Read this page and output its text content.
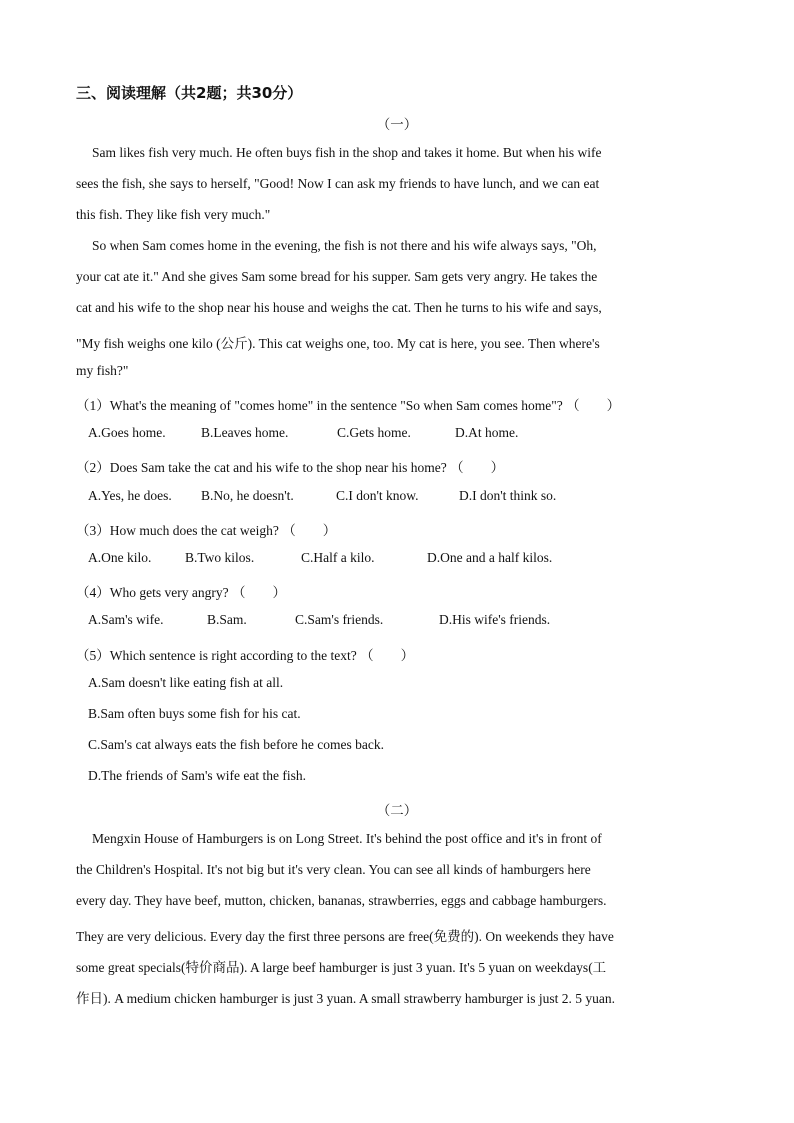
三、阅读理解（共2题；共30分）
（一）
Sam likes fish very much. He often buys fish in the shop and takes it home. But when his wife
sees the fish, she says to herself, "Good! Now I can ask my friends to have lunch, and we can eat
this fish. They like fish very much."
So when Sam comes home in the evening, the fish is not there and his wife always says, "Oh,
your cat ate it." And she gives Sam some bread for his supper. Sam gets very angry. He takes the
cat and his wife to the shop near his house and weighs the cat. Then he turns to his wife and says,
"My fish weighs one kilo (公斤). This cat weighs one, too. My cat is here, you see. Then where's
my fish?"
（1）What's the meaning of "comes home" in the sentence "So when Sam comes home"? （　　）
A.Goes home.	B.Leaves home.	C.Gets home.	D.At home.
（2）Does Sam take the cat and his wife to the shop near his home? （　　）
A.Yes, he does. B.No, he doesn't.	C.I don't know.	D.I don't think so.
（3）How much does the cat weigh? （　　）
A.One kilo. B.Two kilos.	C.Half a kilo.	D.One and a half kilos.
（4）Who gets very angry? （　　）
A.Sam's wife.	B.Sam.	C.Sam's friends.	D.His wife's friends.
（5）Which sentence is right according to the text? （　　）
A.Sam doesn't like eating fish at all.
B.Sam often buys some fish for his cat.
C.Sam's cat always eats the fish before he comes back.
D.The friends of Sam's wife eat the fish.
（二）
Mengxin House of Hamburgers is on Long Street. It's behind the post office and it's in front of
the Children's Hospital. It's not big but it's very clean. You can see all kinds of hamburgers here
every day. They have beef, mutton, chicken, bananas, strawberries, eggs and cabbage hamburgers.
They are very delicious. Every day the first three persons are free(免费的). On weekends they have
some great specials(特价商品). A large beef hamburger is just 3 yuan. It's 5 yuan on weekdays(工
作日). A medium chicken hamburger is just 3 yuan. A small strawberry hamburger is just 2. 5 yuan.
